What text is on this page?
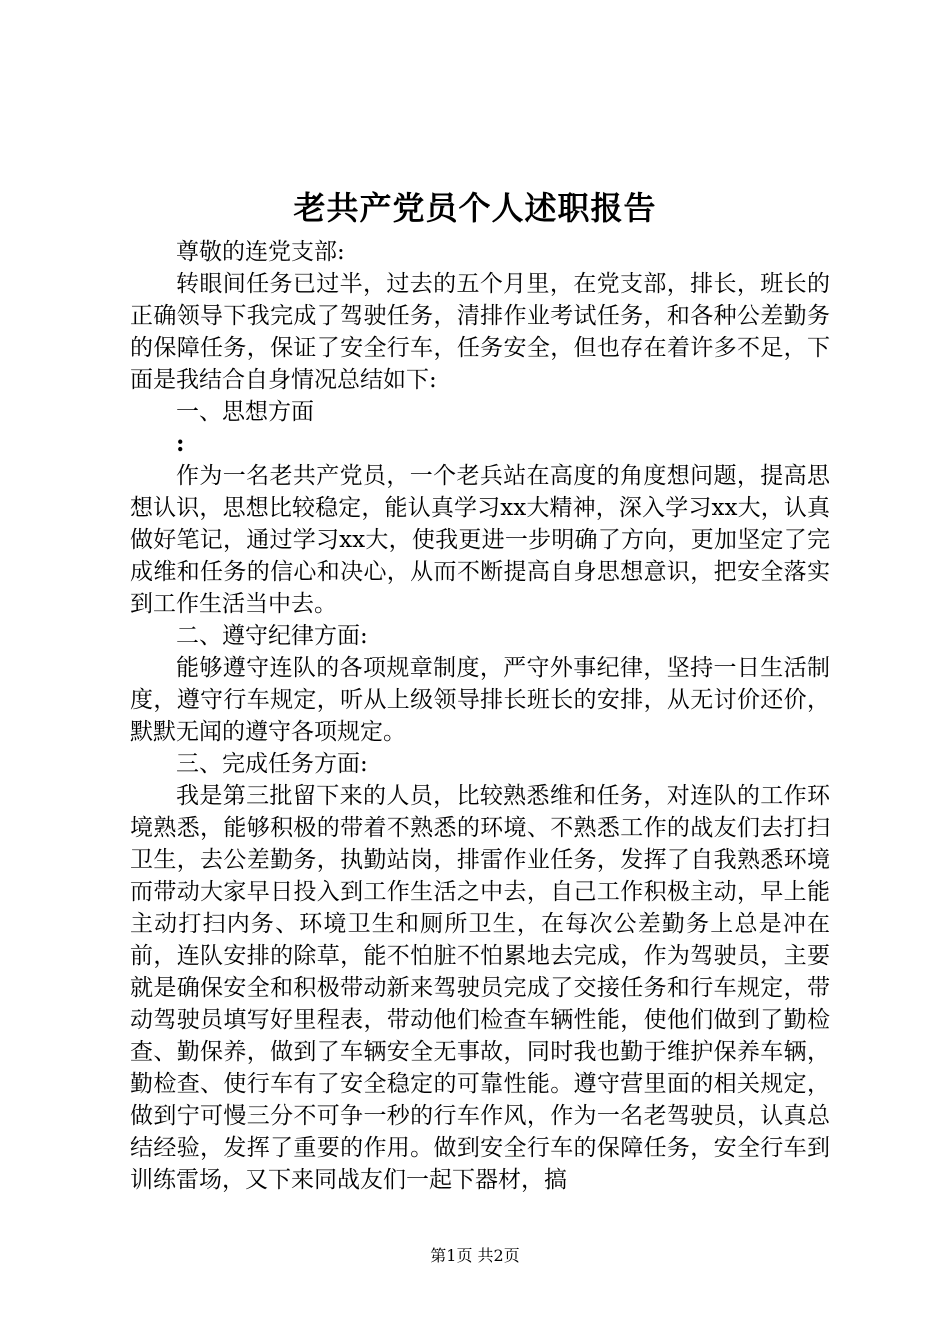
老共产党员个人述职报告

尊敬的连党支部:

转眼间任务已过半，过去的五个月里，在党支部，排长，班长的正确领导下我完成了驾驶任务，清排作业考试任务，和各种公差勤务的保障任务，保证了安全行车，任务安全，但也存在着许多不足，下面是我结合自身情况总结如下:

一、思想方面

:

作为一名老共产党员，一个老兵站在高度的角度想问题，提高思想认识，思想比较稳定，能认真学习xx大精神，深入学习xx大，认真做好笔记，通过学习xx大，使我更进一步明确了方向，更加坚定了完成维和任务的信心和决心，从而不断提高自身思想意识，把安全落实到工作生活当中去。

二、遵守纪律方面:

能够遵守连队的各项规章制度，严守外事纪律，坚持一日生活制度，遵守行车规定，听从上级领导排长班长的安排，从无讨价还价，默默无闻的遵守各项规定。

三、完成任务方面:

我是第三批留下来的人员，比较熟悉维和任务，对连队的工作环境熟悉，能够积极的带着不熟悉的环境、不熟悉工作的战友们去打扫卫生，去公差勤务，执勤站岗，排雷作业任务，发挥了自我熟悉环境而带动大家早日投入到工作生活之中去，自己工作积极主动，早上能主动打扫内务、环境卫生和厕所卫生，在每次公差勤务上总是冲在前，连队安排的除草，能不怕脏不怕累地去完成，作为驾驶员，主要就是确保安全和积极带动新来驾驶员完成了交接任务和行车规定，带动驾驶员填写好里程表，带动他们检查车辆性能，使他们做到了勤检查、勤保养，做到了车辆安全无事故，同时我也勤于维护保养车辆，勤检查、使行车有了安全稳定的可靠性能。遵守营里面的相关规定，做到宁可慢三分不可争一秒的行车作风，作为一名老驾驶员，认真总结经验，发挥了重要的作用。做到安全行车的保障任务，安全行车到训练雷场，又下来同战友们一起下器材，搞

第1页 共2页
